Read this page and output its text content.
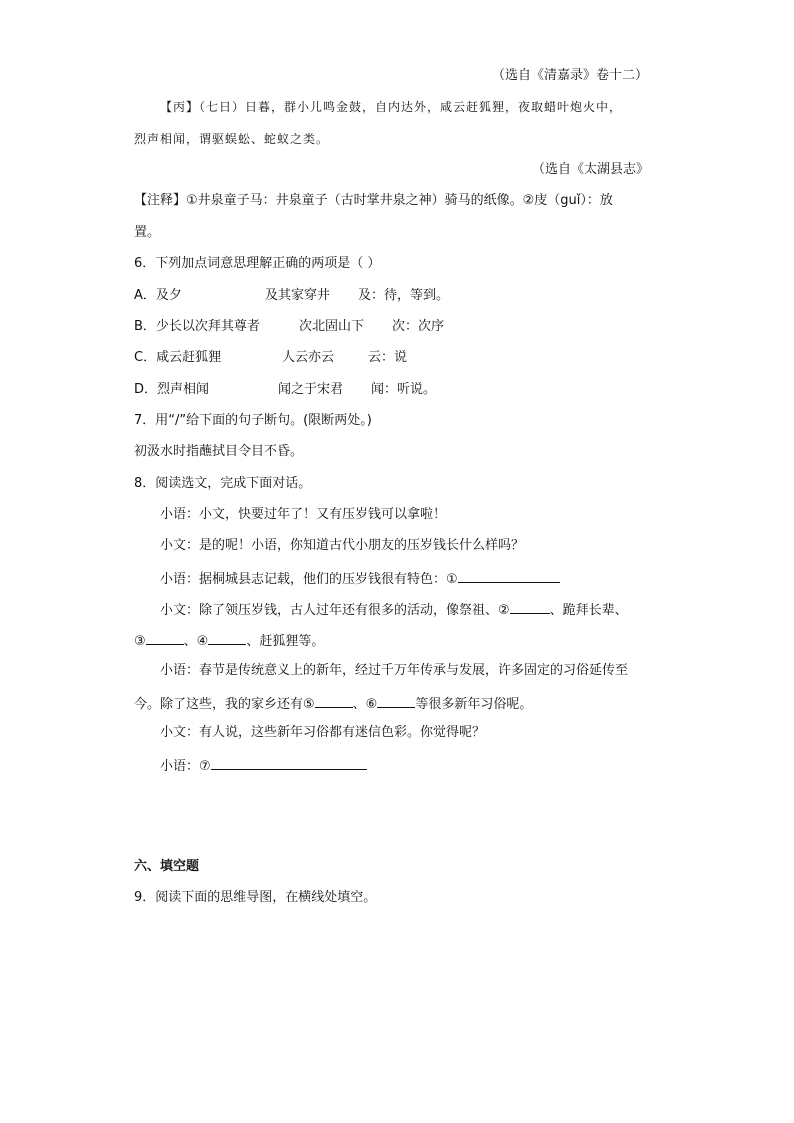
（选自《清嘉录》卷十二）
【丙】（七日）日暮，群小儿鸣金鼓，自内达外，咸云赶狐狸，夜取蜡叶炮火中，
烈声相闻，谓驱蜈蚣、蛇蚁之类。
（选自《太湖县志》
【注释】①井泉童子马：井泉童子（古时掌井泉之神）骑马的纸像。②庋（guǐ）：放
置。
6．下列加点词意思理解正确的两项是（ ）
A．及夕	及其家穿井 及：待，等到。
B．少长以次拜其尊者	次北固山下 次：次序
C．咸云赶狐狸	人云亦云	云：说
D．烈声相闻	闻之于宋君 闻：听说。
7．用“/”给下面的句子断句。(限断两处。)
初汲水时指蘸拭目令目不昏。
8．阅读选文，完成下面对话。
小语：小文，快要过年了！又有压岁钱可以拿啦！
小文：是的呢！小语，你知道古代小朋友的压岁钱长什么样吗？
小语：据桐城县志记载，他们的压岁钱很有特色：①
小文：除了领压岁钱，古人过年还有很多的活动，像祭祖、②	、跪拜长辈、
③	、④	、赶狐狸等。
小语：春节是传统意义上的新年，经过千万年传承与发展，许多固定的习俗延传至
今。除了这些，我的家乡还有⑤	、⑥	等很多新年习俗呢。
小文：有人说，这些新年习俗都有迷信色彩。你觉得呢？
小语：⑦
六、填空题
9．阅读下面的思维导图，在横线处填空。
